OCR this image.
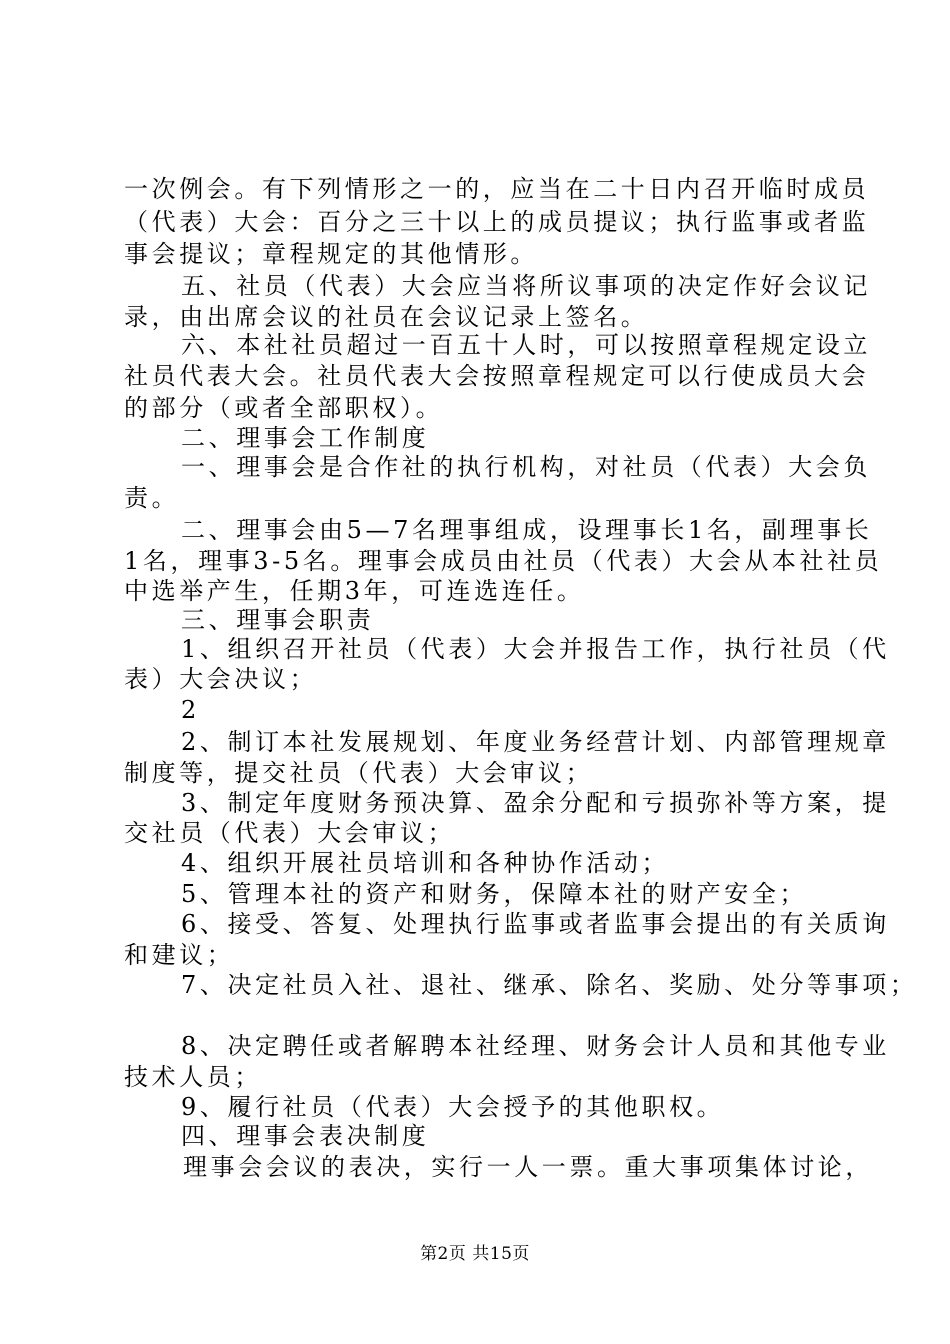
一次例会。有下列情形之一的，应当在二十日内召开临时成员
（代表）大会：百分之三十以上的成员提议；执行监事或者监
事会提议；章程规定的其他情形。
五、社员（代表）大会应当将所议事项的决定作好会议记
录，由出席会议的社员在会议记录上签名。
六、本社社员超过一百五十人时，可以按照章程规定设立
社员代表大会。社员代表大会按照章程规定可以行使成员大会
的部分（或者全部职权）。
二、理事会工作制度
一、理事会是合作社的执行机构，对社员（代表）大会负
责。
二、理事会由5—7名理事组成，设理事长1名，副理事长
1名，理事3-5名。理事会成员由社员（代表）大会从本社社员
中选举产生，任期3年，可连选连任。
三、理事会职责
1、组织召开社员（代表）大会并报告工作，执行社员（代
表）大会决议；
2
2、制订本社发展规划、年度业务经营计划、内部管理规章
制度等，提交社员（代表）大会审议；
3、制定年度财务预决算、盈余分配和亏损弥补等方案，提
交社员（代表）大会审议；
4、组织开展社员培训和各种协作活动；
5、管理本社的资产和财务，保障本社的财产安全；
6、接受、答复、处理执行监事或者监事会提出的有关质询
和建议；
7、决定社员入社、退社、继承、除名、奖励、处分等事项；
8、决定聘任或者解聘本社经理、财务会计人员和其他专业
技术人员；
9、履行社员（代表）大会授予的其他职权。
四、理事会表决制度
理事会会议的表决，实行一人一票。重大事项集体讨论，
第2页 共15页
